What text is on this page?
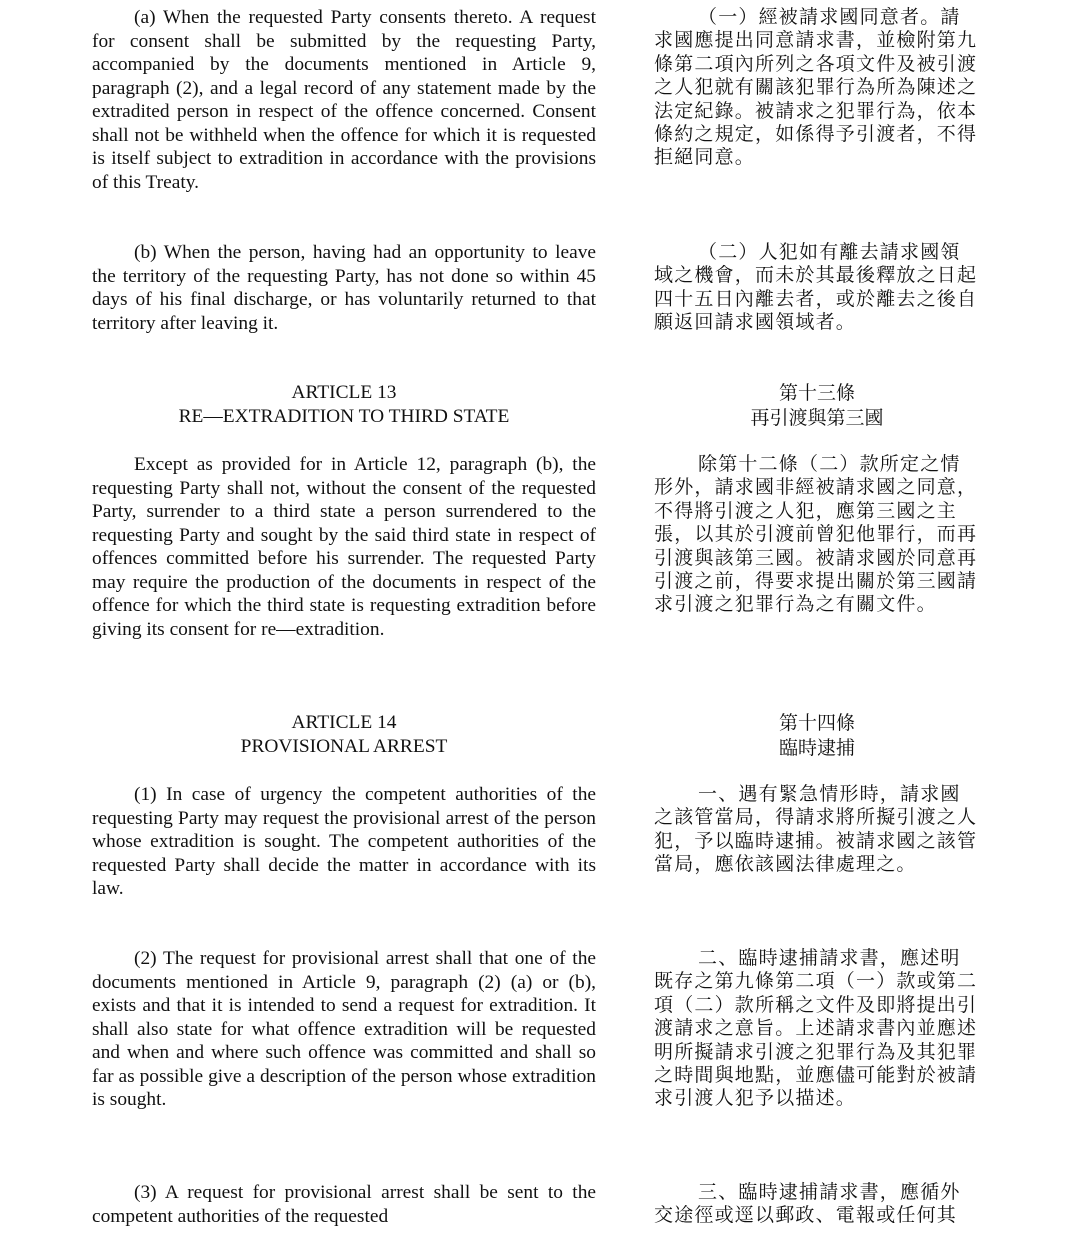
(a) When the requested Party consents thereto. A request for consent shall be submitted by the requesting Party, accompanied by the documents mentioned in Article 9, paragraph (2), and a legal record of any statement made by the extradited person in respect of the offence concerned. Consent shall not be withheld when the offence for which it is requested is itself subject to extradition in accordance with the provisions of this Treaty.
(b) When the person, having had an opportunity to leave the territory of the requesting Party, has not done so within 45 days of his final discharge, or has voluntarily returned to that territory after leaving it.
ARTICLE 13
RE—EXTRADITION TO THIRD STATE
Except as provided for in Article 12, paragraph (b), the requesting Party shall not, without the consent of the requested Party, surrender to a third state a person surrendered to the requesting Party and sought by the said third state in respect of offences committed before his surrender. The requested Party may require the production of the documents in respect of the offence for which the third state is requesting extradition before giving its consent for re—extradition.
ARTICLE 14
PROVISIONAL ARREST
(1) In case of urgency the competent authorities of the requesting Party may request the provisional arrest of the person whose extradition is sought. The competent authorities of the requested Party shall decide the matter in accordance with its law.
(2) The request for provisional arrest shall that one of the documents mentioned in Article 9, paragraph (2) (a) or (b), exists and that it is intended to send a request for extradition. It shall also state for what offence extradition will be requested and when and where such offence was committed and shall so far as possible give a description of the person whose extradition is sought.
(3) A request for provisional arrest shall be sent to the competent authorities of the requested
（一）經被請求國同意者。請求國應提出同意請求書，並檢附第九條第二項內所列之各項文件及被引渡之人犯就有關該犯罪行為所為陳述之法定紀錄。被請求之犯罪行為，依本條約之規定，如係得予引渡者，不得拒絕同意。
（二）人犯如有離去請求國領域之機會，而未於其最後釋放之日起四十五日內離去者，或於離去之後自願返回請求國領域者。
第十三條
再引渡與第三國
除第十二條（二）款所定之情形外，請求國非經被請求國之同意，不得將引渡之人犯，應第三國之主張，以其於引渡前曾犯他罪行，而再引渡與該第三國。被請求國於同意再引渡之前，得要求提出關於第三國請求引渡之犯罪行為之有關文件。
第十四條
臨時逮捕
一、遇有緊急情形時，請求國之該管當局，得請求將所擬引渡之人犯，予以臨時逮捕。被請求國之該管當局，應依該國法律處理之。
二、臨時逮捕請求書，應述明既存之第九條第二項（一）款或第二項（二）款所稱之文件及即將提出引渡請求之意旨。上述請求書內並應述明所擬請求引渡之犯罪行為及其犯罪之時間與地點，並應儘可能對於被請求引渡人犯予以描述。
三、臨時逮捕請求書，應循外交途徑或逕以郵政、電報或任何其
